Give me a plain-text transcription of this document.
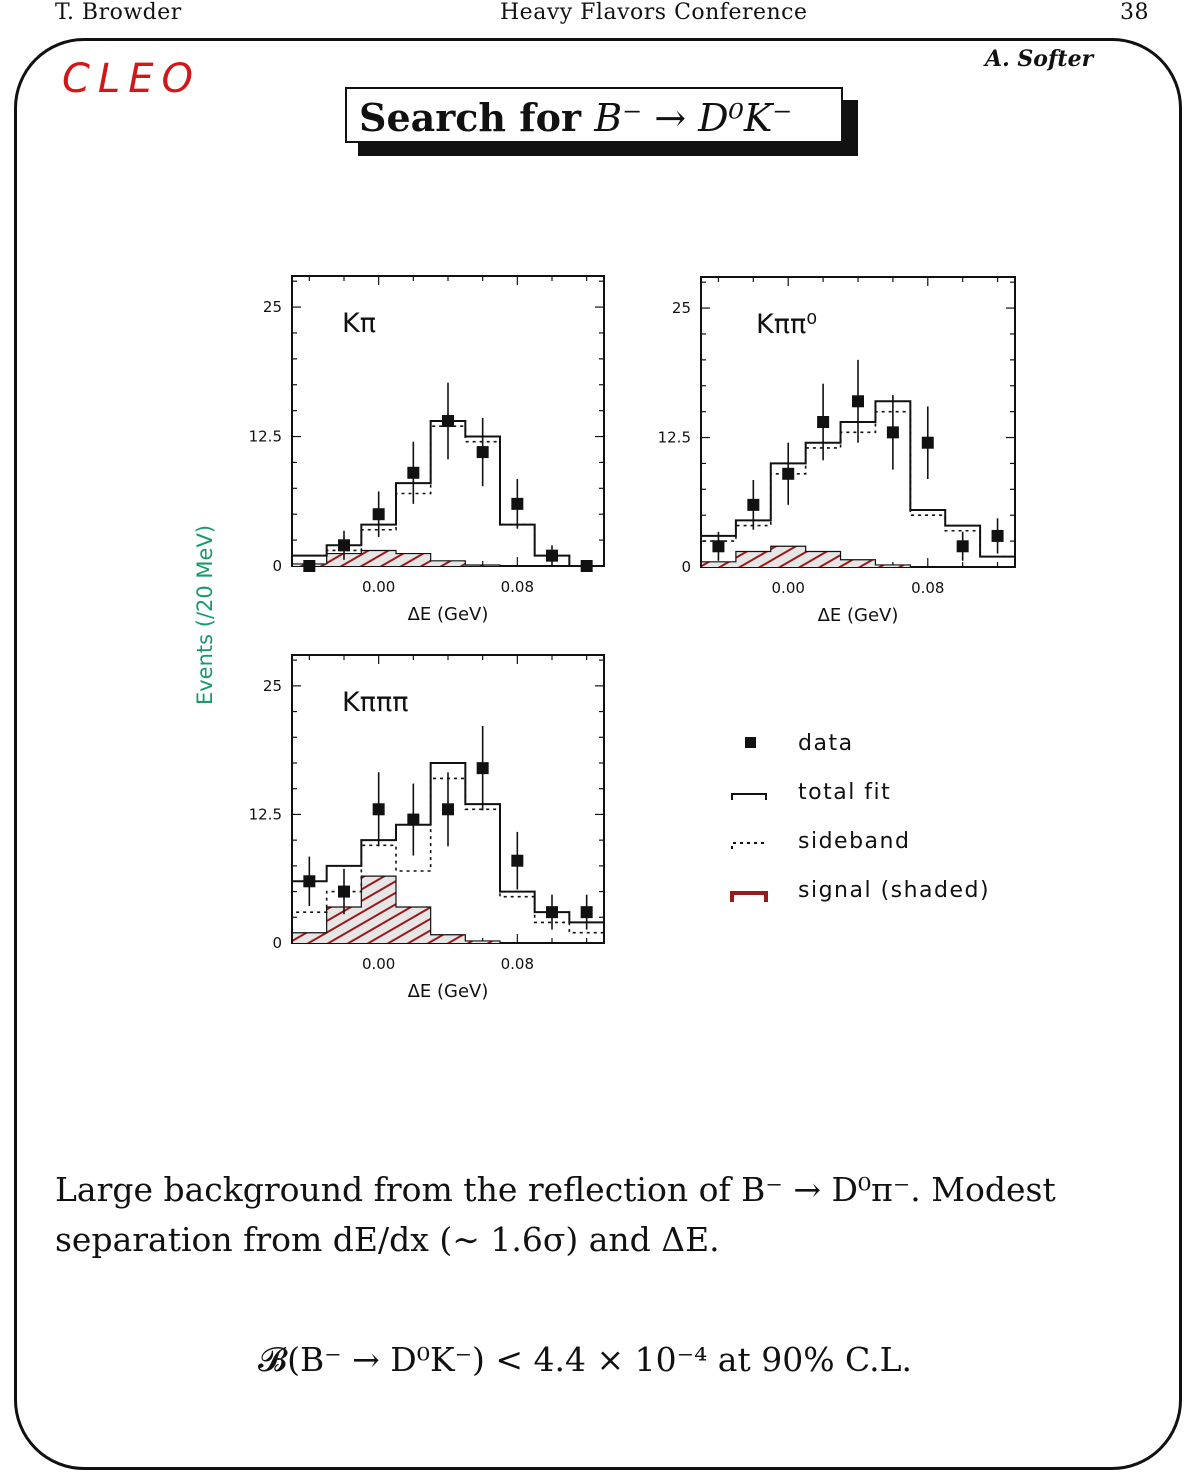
T. Browder	Heavy Flavors Conference	38
CLEO	A. Softer
Search for B⁻ → D⁰K⁻
0
12.5
25
0.00	0.08
ΔE (GeV)
Kπ
0
12.5
25
0.00	0.08
ΔE (GeV)
Kππ⁰
0
12.5
25
0.00	0.08
ΔE (GeV)
Kπππ
Events (/20 MeV)
data
total fit
sideband
signal (shaded)
Large background from the reflection of B⁻ → D⁰π⁻. Modest
separation from dE/dx (∼ 1.6σ) and ΔE.
𝓑(B⁻ → D⁰K⁻) < 4.4 × 10⁻⁴ at 90% C.L.
